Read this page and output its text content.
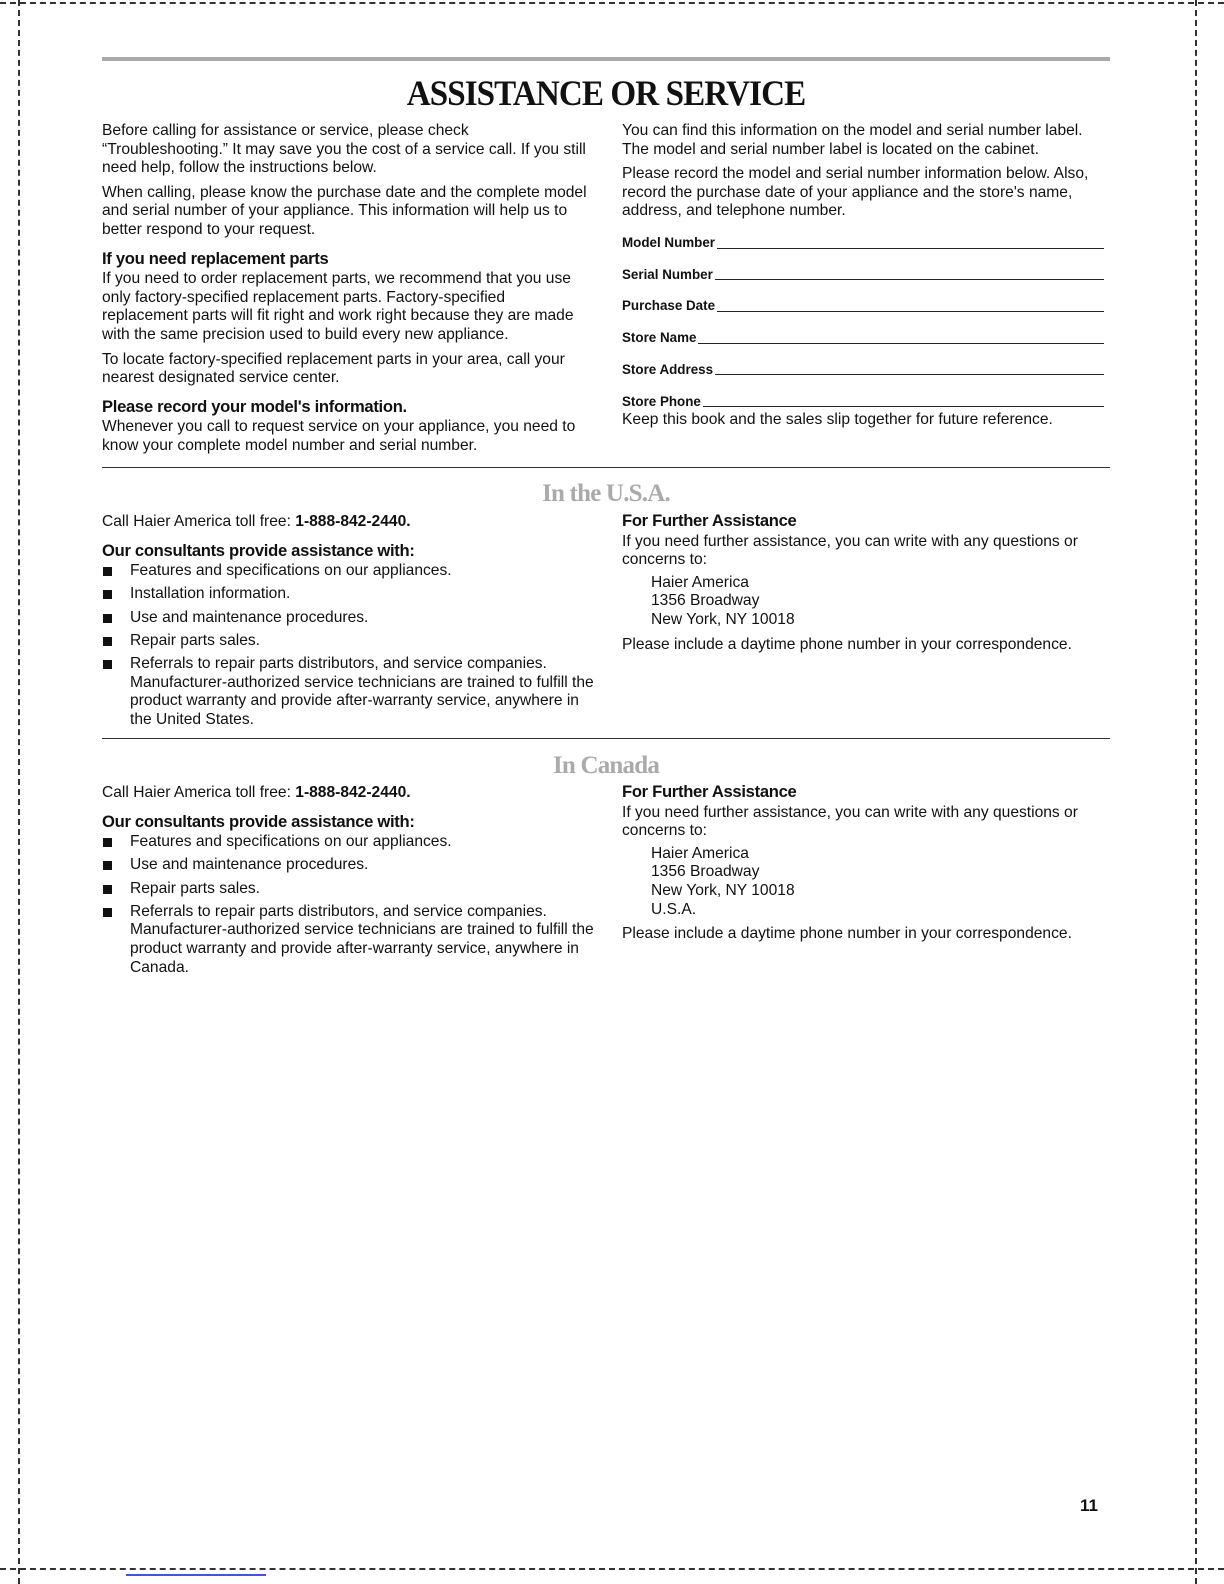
ASSISTANCE OR SERVICE

Before calling for assistance or service, please check “Troubleshooting.” It may save you the cost of a service call. If you still need help, follow the instructions below.

When calling, please know the purchase date and the complete model and serial number of your appliance. This information will help us to better respond to your request.

If you need replacement parts

If you need to order replacement parts, we recommend that you use only factory-specified replacement parts. Factory-specified replacement parts will fit right and work right because they are made with the same precision used to build every new appliance.

To locate factory-specified replacement parts in your area, call your nearest designated service center.

Please record your model's information.

Whenever you call to request service on your appliance, you need to know your complete model number and serial number.

You can find this information on the model and serial number label. The model and serial number label is located on the cabinet.

Please record the model and serial number information below. Also, record the purchase date of your appliance and the store's name, address, and telephone number.

Model Number
Serial Number
Purchase Date
Store Name
Store Address
Store Phone

Keep this book and the sales slip together for future reference.

In the U.S.A.

Call Haier America toll free: 1-888-842-2440.

Our consultants provide assistance with:
Features and specifications on our appliances.
Installation information.
Use and maintenance procedures.
Repair parts sales.
Referrals to repair parts distributors, and service companies. Manufacturer-authorized service technicians are trained to fulfill the product warranty and provide after-warranty service, anywhere in the United States.
For Further Assistance

If you need further assistance, you can write with any questions or concerns to:

Haier America
1356 Broadway
New York, NY 10018

Please include a daytime phone number in your correspondence.

In Canada

Call Haier America toll free: 1-888-842-2440.

Our consultants provide assistance with:
Features and specifications on our appliances.
Use and maintenance procedures.
Repair parts sales.
Referrals to repair parts distributors, and service companies. Manufacturer-authorized service technicians are trained to fulfill the product warranty and provide after-warranty service, anywhere in Canada.
For Further Assistance

If you need further assistance, you can write with any questions or concerns to:

Haier America
1356 Broadway
New York, NY 10018
U.S.A.

Please include a daytime phone number in your correspondence.

11
